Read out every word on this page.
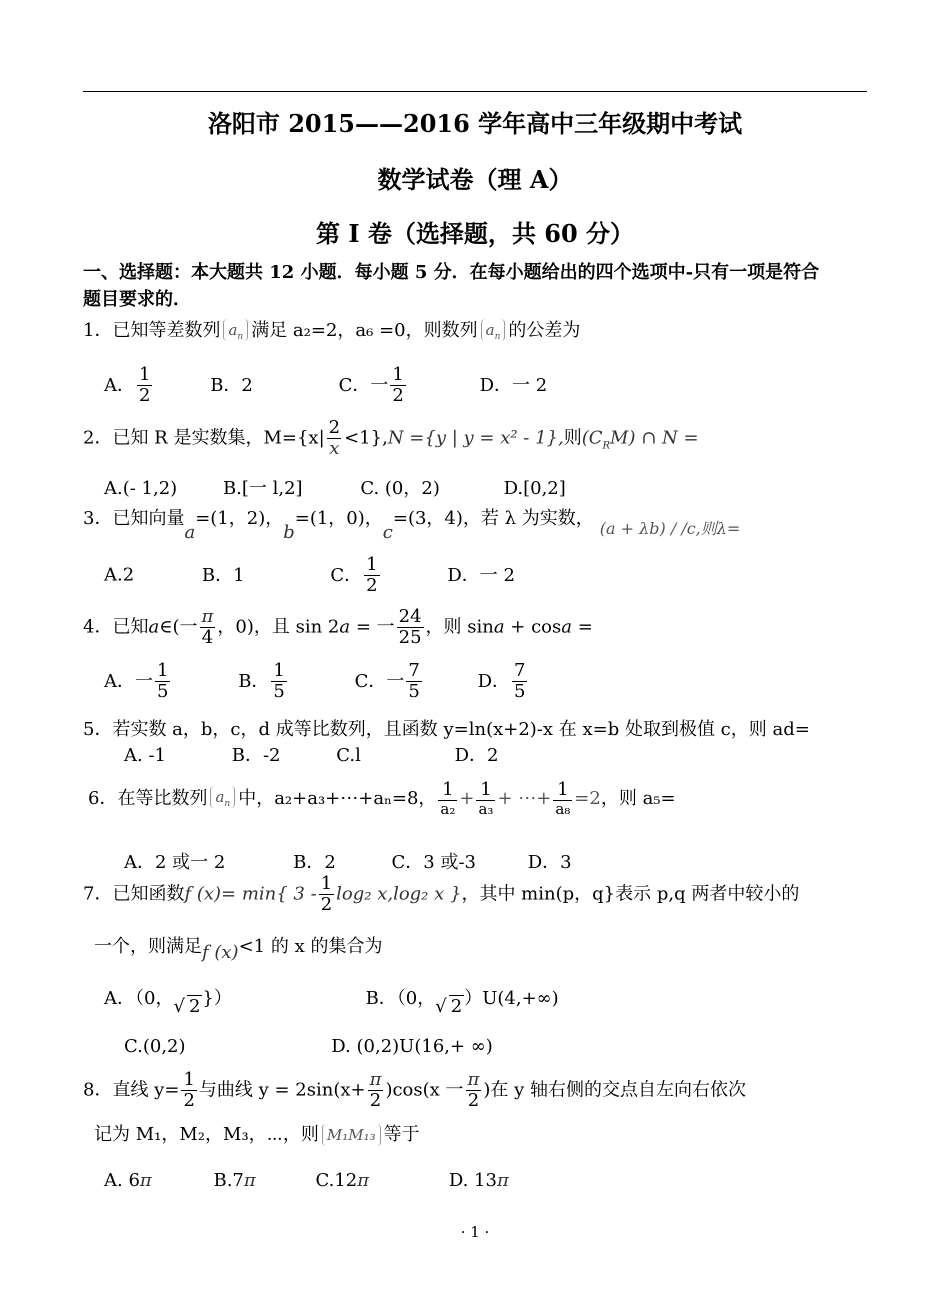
洛阳市 2015——2016 学年高中三年级期中考试
数学试卷（理 A）
第 I 卷（选择题，共 60 分）
一、选择题：本大题共 12 小题．每小题 5 分．在每小题给出的四个选项中-只有一项是符合
题目要求的．
1．已知等差数列 $a_n$ 满足 a₂=2，a₆ =0，则数列 $a_n$ 的公差为
A． $\frac{1}{2}$	B．2	C．一 $\frac{1}{2}$	D．一 2
2．已知 R 是实数集，$M=\{x| \frac{2}{x} <1\},N =\{y$ | y = x² - 1},则$(C_RM)$ ∩ N =
A.(- 1,2)	B.[一 l,2]	C. (0，2)	D.[0,2]
3．已知向量a=(1，2)，b=(1，0)，c=(3，4)，若 λ 为实数， (a + λb) / /c,则λ=
A.2	B．1	C． $\frac{1}{2}$	D．一 2
4．已知a∈(一 $\frac{\pi}{4}$ ，0)，且 sin 2a = 一 $\frac{24}{25}$ ，则 sina + cosa =
A．一 $\frac{1}{5}$	B． $\frac{1}{5}$	C．一 $\frac{7}{5}$	D． $\frac{7}{5}$
5．若实数 a，b，c，d 成等比数列，且函数 y=ln(x+2)-x 在 x=b 处取到极值 c，则 ad=
A. -1	B．-2	C.l	D．2
6．在等比数列 $a_n$ 中，a₂+a₃+⋯+aₙ=8， $\frac{1}{\text{a₂}} + \frac{1}{\text{a₃}}$ + ⋯+ $\frac{1}{\text{a₈}} =2$，则 a₅=
A．2 或一 2	B．2	C．3 或-3	D．3
7．已知函数f (x)= min{ $3 - \frac{1}{2} \log_2$ x,log₂ x }，其中 min(p，q}表示 p,q 两者中较小的
一个，则满足f (x)<1 的 x 的集合为
A．（0，√ 2 }）	B．（0，√ 2 ）U(4,+∞)
C.(0,2)	D. (0,2)U(16,+ ∞)
8．直线 $y= \frac{1}{2}$ 与曲线 $y = 2\sin(x+ \frac{\pi}{2} )\cos(x$ 一 $\frac{\pi}{2}$ )在 y 轴右侧的交点自左向右依次
记为 M₁，M₂，M₃，⋯，则 M₁M₁₃ 等于
A. 6π	B.7π	C.12π	D. 13π
· 1 ·
